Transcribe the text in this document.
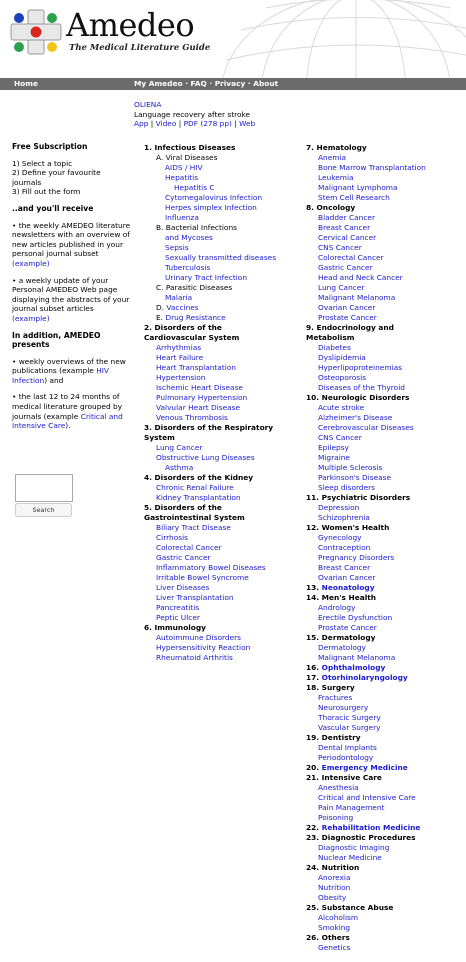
Amedeo
The Medical Literature Guide
Home	My Amedeo · FAQ · Privacy · About
OLIENA
Language recovery after stroke
App | Video | PDF (278 pp) | Web
Free Subscription
1) Select a topic
2) Define your favourite journals
3) Fill out the form
..and you'll receive

• the weekly AMEDEO literature newsletters with an overview of new articles published in your personal journal subset (example)

• a weekly update of your Personal AMEDEO Web page displaying the abstracts of your journal subset articles (example)

In addition, AMEDEO presents

• weekly overviews of the new publications (example HIV Infection) and

• the last 12 to 24 months of medical literature grouped by journals (example Critical and Intensive Care).

Search
1. Infectious Diseases
A. Viral Diseases
AIDS / HIV
Hepatitis
Hepatitis C
Cytomegalovirus Infection
Herpes simplex Infection
Influenza
B. Bacterial Infections
and Mycoses
Sepsis
Sexually transmitted diseases
Tuberculosis
Urinary Tract Infection
C. Parasitic Diseases
Malaria
D. Vaccines
E. Drug Resistance
2. Disorders of the
Cardiovascular System
Arrhythmias
Heart Failure
Heart Transplantation
Hypertension
Ischemic Heart Disease
Pulmonary Hypertension
Valvular Heart Disease
Venous Thrombosis
3. Disorders of the Respiratory
System
Lung Cancer
Obstructive Lung Diseases
Asthma
4. Disorders of the Kidney
Chronic Renal Failure
Kidney Transplantation
5. Disorders of the
Gastrointestinal System
Biliary Tract Disease
Cirrhosis
Colorectal Cancer
Gastric Cancer
Inflammatory Bowel Diseases
Irritable Bowel Syncrome
Liver Diseases
Liver Transplantation
Pancreatitis
Peptic Ulcer
6. Immunology
Autoimmune Disorders
Hypersensitivity Reaction
Rheumatoid Arthritis
7. Hematology
Anemia
Bone Marrow Transplantation
Leukemia
Malignant Lymphoma
Stem Cell Research
8. Oncology
Bladder Cancer
Breast Cancer
Cervical Cancer
CNS Cancer
Colorectal Cancer
Gastric Cancer
Head and Neck Cancer
Lung Cancer
Malignant Melanoma
Ovarian Cancer
Prostate Cancer
9. Endocrinology and
Metabolism
Diabetes
Dyslipidemia
Hyperlipoproteinemias
Osteoporosis
Diseases of the Thyroid
10. Neurologic Disorders
Acute stroke
Alzheimer's Disease
Cerebrovascular Diseases
CNS Cancer
Epilepsy
Migraine
Multiple Sclerosis
Parkinson's Disease
Sleep disorders
11. Psychiatric Disorders
Depression
Schizophrenia
12. Women's Health
Gynecology
Contraception
Pregnancy Disorders
Breast Cancer
Ovarian Cancer
13. Neonatology
14. Men's Health
Andrology
Erectile Dysfunction
Prostate Cancer
15. Dermatology
Dermatology
Malignant Melanoma
16. Ophthalmology
17. Otorhinolaryngology
18. Surgery
Fractures
Neurosurgery
Thoracic Surgery
Vascular Surgery
19. Dentistry
Dental Implants
Periodontology
20. Emergency Medicine
21. Intensive Care
Anesthesia
Critical and Intensive Care
Pain Management
Poisoning
22. Rehabilitation Medicine
23. Diagnostic Procedures
Diagnostic Imaging
Nuclear Medicine
24. Nutrition
Anorexia
Nutrition
Obesity
25. Substance Abuse
Alcoholism
Smoking
26. Others
Genetics
